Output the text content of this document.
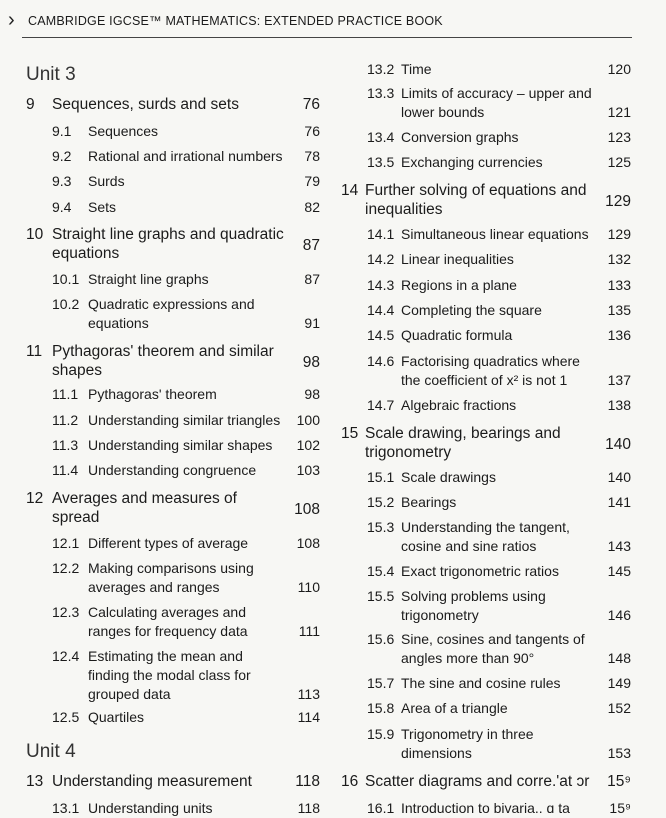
› CAMBRIDGE IGCSE™ MATHEMATICS: EXTENDED PRACTICE BOOK
Unit 3
9 Sequences, surds and sets	76
9.1 Sequences	76
9.2 Rational and irrational numbers 78
9.3 Surds	79
9.4 Sets	82
10 Straight line graphs and quadratic
equations	87
10.1 Straight line graphs	87
10.2 Quadratic expressions and
equations	91
11 Pythagoras' theorem and similar
shapes	98
11.1 Pythagoras' theorem	98
11.2 Understanding similar triangles 100
11.3 Understanding similar shapes 102
11.4 Understanding congruence	103
12 Averages and measures of
spread	108
12.1 Different types of average	108
12.2 Making comparisons using
averages and ranges	110
12.3 Calculating averages and
ranges for frequency data	111
12.4 Estimating the mean and
finding the modal class for
grouped data	113
12.5 Quartiles	114
Unit 4
13 Understanding measurement	118
13.1 Understanding units	118
13.2 Time	120
13.3 Limits of accuracy – upper and
lower bounds	121
13.4 Conversion graphs	123
13.5 Exchanging currencies	125
14 Further solving of equations and
inequalities	129
14.1 Simultaneous linear equations 129
14.2 Linear inequalities	132
14.3 Regions in a plane	133
14.4 Completing the square	135
14.5 Quadratic formula	136
14.6 Factorising quadratics where
the coefficient of x² is not 1	137
14.7 Algebraic fractions	138
15 Scale drawing, bearings and
trigonometry	140
15.1 Scale drawings	140
15.2 Bearings	141
15.3 Understanding the tangent,
cosine and sine ratios	143
15.4 Exact trigonometric ratios	145
15.5 Solving problems using
trigonometry	146
15.6 Sine, cosines and tangents of
angles more than 90°	148
15.7 The sine and cosine rules	149
15.8 Area of a triangle	152
15.9 Trigonometry in three
dimensions	153
16 Scatter diagrams and corre.'at ɔr 15⁹
16.1 Introduction to bivaria.. ɑ ta	15⁹
